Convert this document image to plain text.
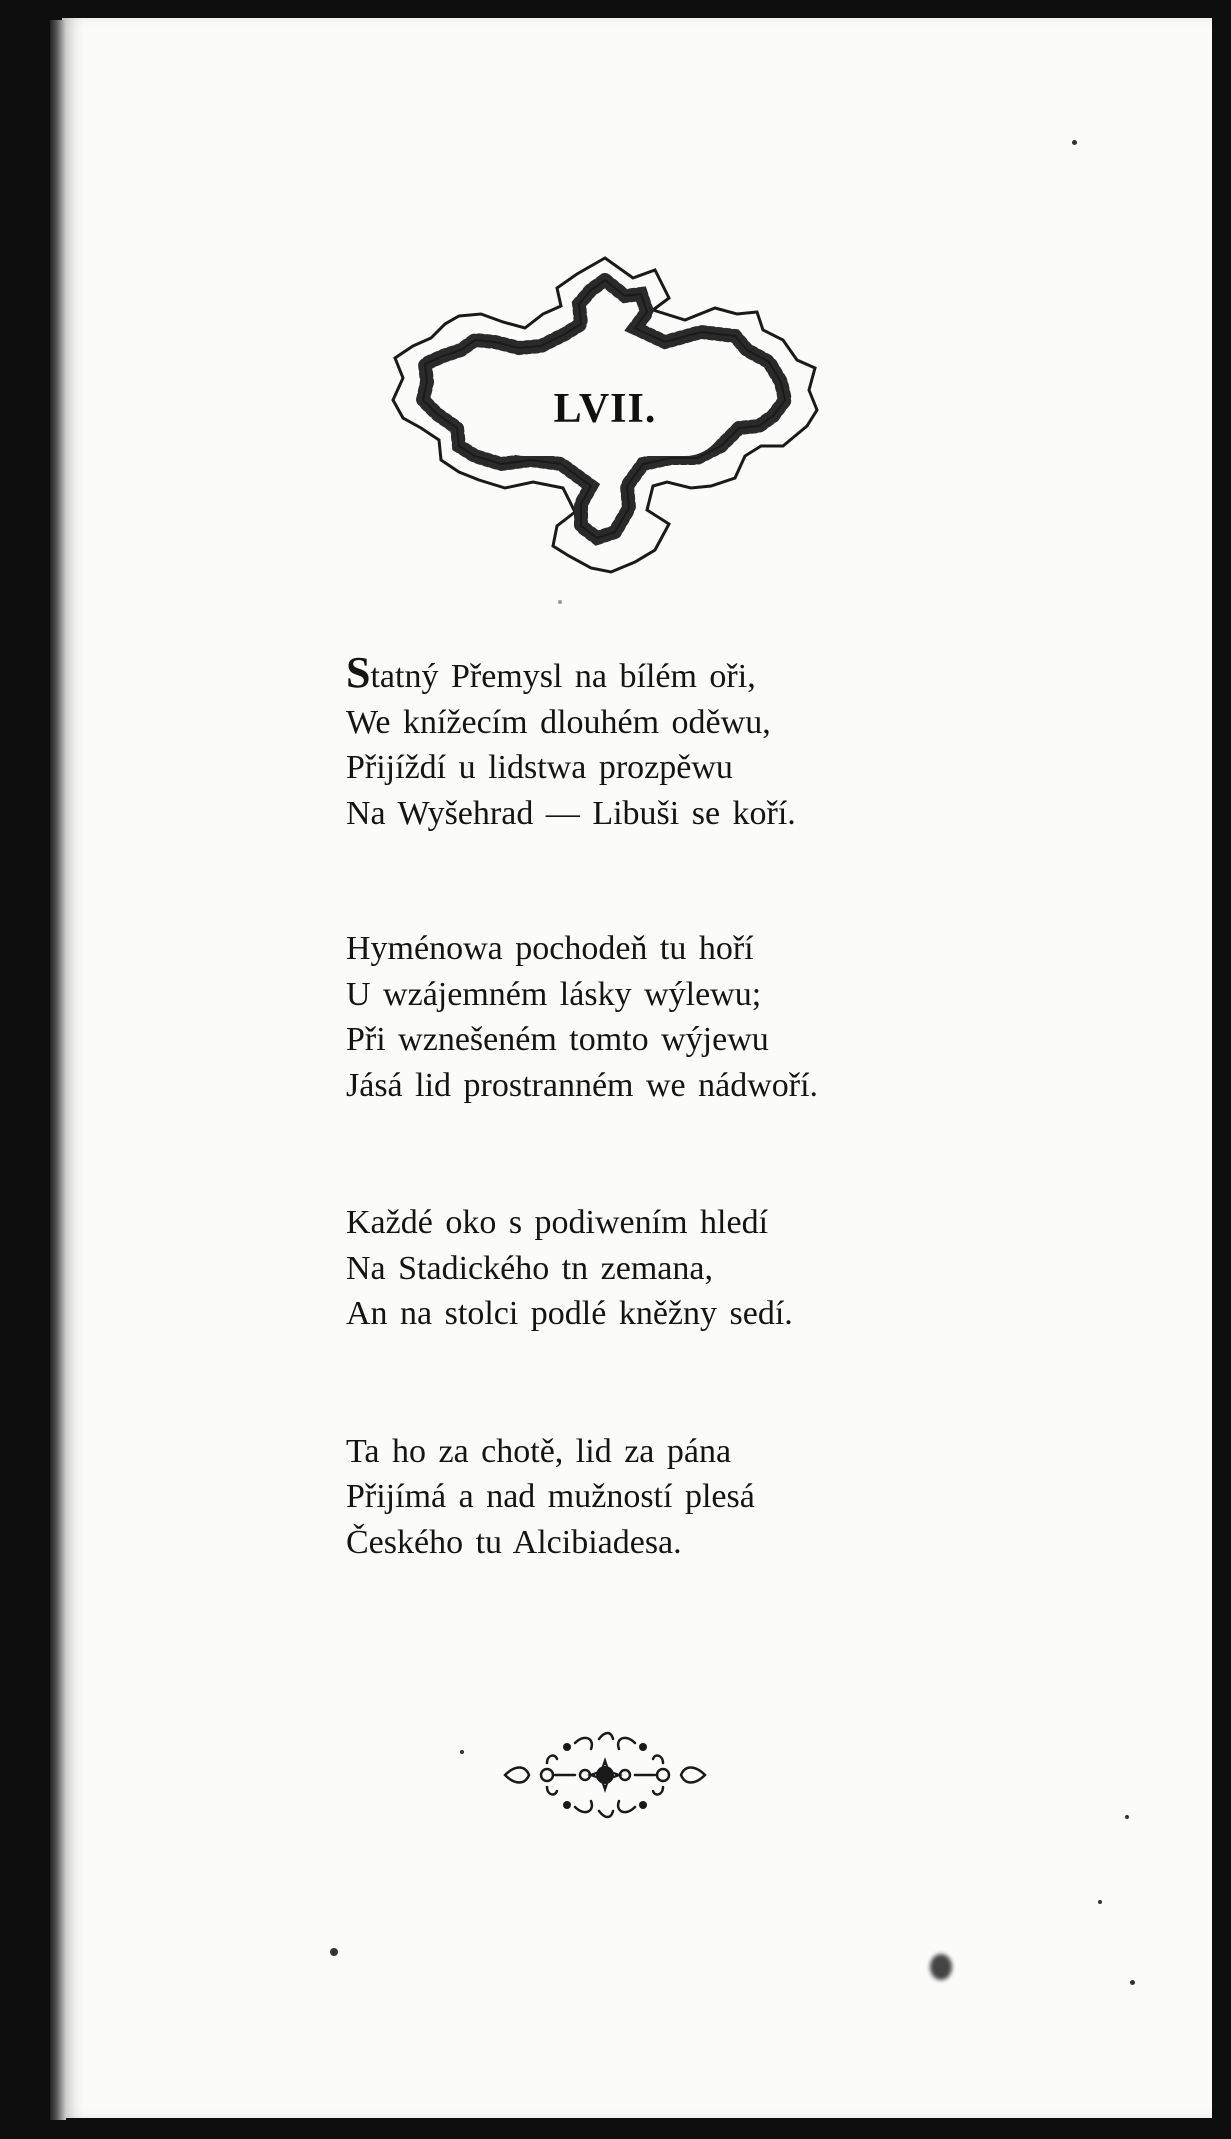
LVII.
Statný Přemysl na bílém oři,
We knížecím dlouhém oděwu,
Přijíždí u lidstwa prozpěwu
Na Wyšehrad — Libuši se koří.
Hyménowa pochodeň tu hoří
U wzájemném lásky wýlewu;
Při wznešeném tomto wýjewu
Jásá lid prostranném we nádwoří.
Každé oko s podiwením hledí
Na Stadického tn zemana,
An na stolci podlé kněžny sedí.
Ta ho za chotě, lid za pána
Přijímá a nad mužností plesá
Českého tu Alcibiadesa.
